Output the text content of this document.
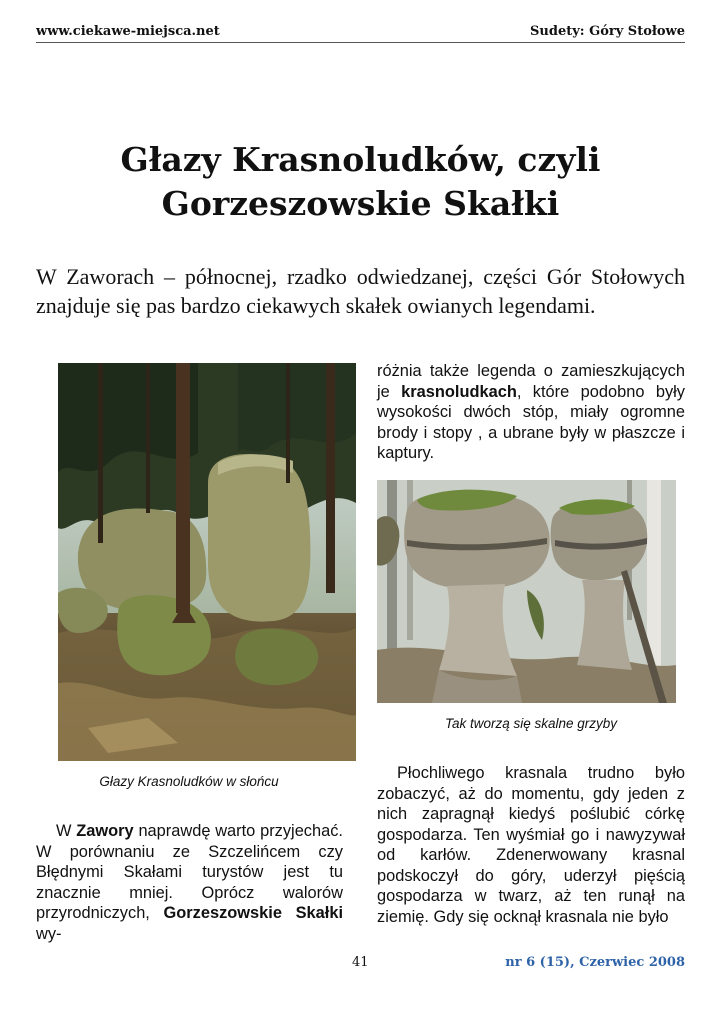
www.ciekawe-miejsca.net	Sudety: Góry Stołowe
Głazy Krasnoludków, czyli
Gorzeszowskie Skałki

W Zaworach – północnej, rzadko odwiedzanej, części Gór Stołowych znajduje się pas bardzo ciekawych skałek owianych legendami.

Głazy Krasnoludków w słońcu

W Zawory naprawdę warto przyjechać. W porównaniu ze Szczelińcem czy Błędnymi Skałami turystów jest tu znacznie mniej. Oprócz walorów przyrodniczych, Gorzeszowskie Skałki wy-

różnia także legenda o zamieszkujących je krasnoludkach, które podobno były wysokości dwóch stóp, miały ogromne brody i stopy , a ubrane były w płaszcze i kaptury.

Tak tworzą się skalne grzyby

Płochliwego krasnala trudno było zobaczyć, aż do momentu, gdy jeden z nich zapragnął kiedyś poślubić córkę gospodarza. Ten wyśmiał go i nawyzywał od karłów. Zdenerwowany krasnal podskoczył do góry, uderzył pięścią gospodarza w twarz, aż ten runął na ziemię. Gdy się ocknął krasnala nie było

41	nr 6 (15), Czerwiec 2008
